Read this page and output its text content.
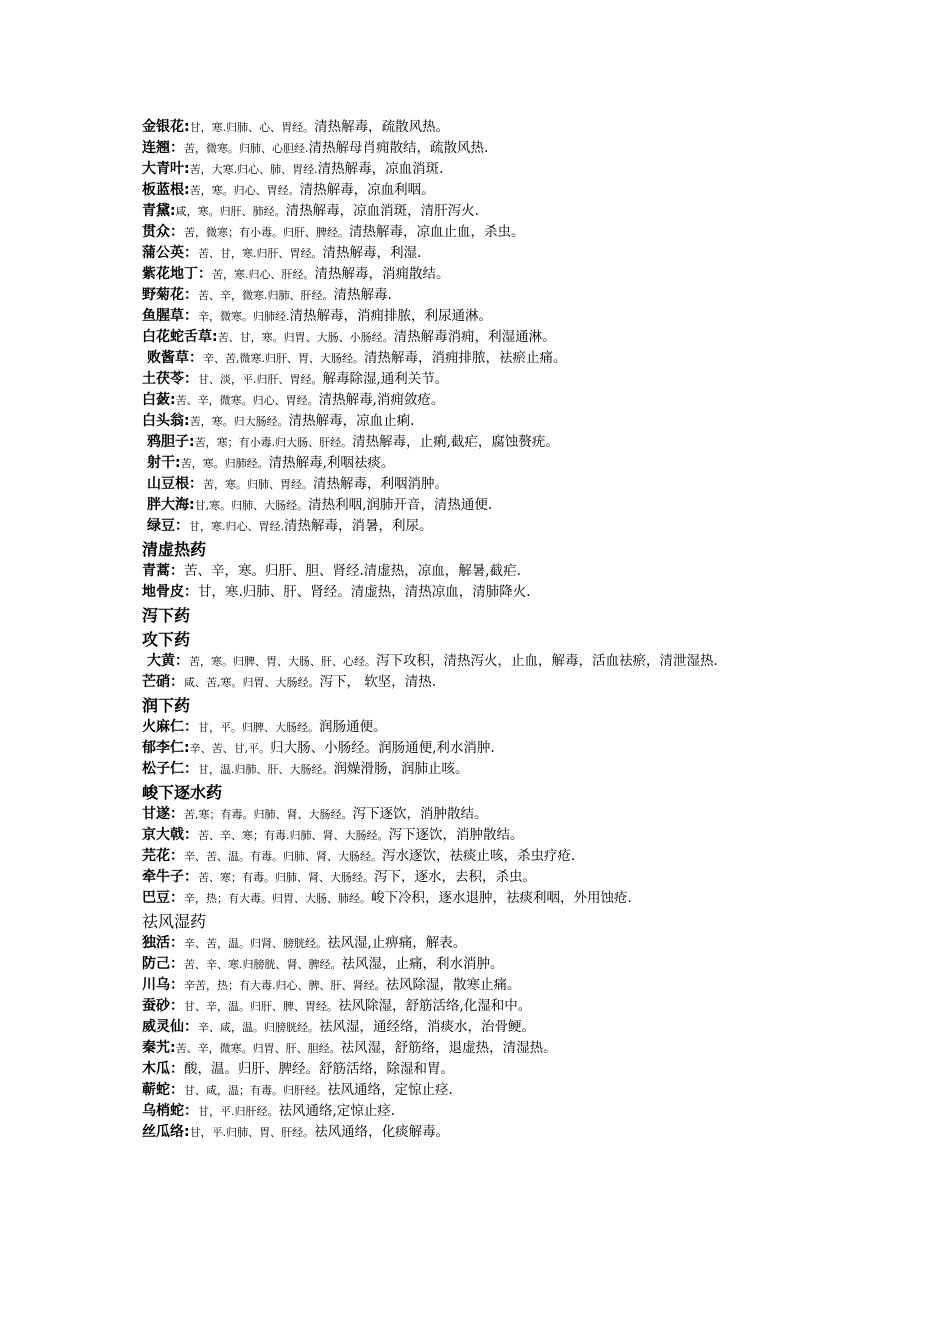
金银花:甘，寒.归肺、心、胃经。清热解毒，疏散风热。
连翘：苦，微寒。归肺、心胆经.清热解母肖痈散结，疏散风热.
大青叶:苦，大寒.归心、肺、胃经.清热解毒，凉血消斑.
板蓝根:苦，寒。归心、胃经。清热解毒，凉血利咽。
青黛:咸，寒。归肝、肺经。清热解毒，凉血消斑，清肝泻火.
贯众：苦，微寒；有小毒。归肝、脾经。清热解毒，凉血止血，杀虫。
蒲公英：苦、甘，寒.归肝、胃经。清热解毒，利湿.
紫花地丁：苦，寒.归心、肝经。清热解毒，消痈散结。
野菊花：苦、辛，微寒.归肺、肝经。清热解毒.
鱼腥草：辛，微寒。归肺经.清热解毒，消痈排脓，利尿通淋。
白花蛇舌草:苦、甘，寒。归胃、大肠、小肠经。清热解毒消痈，利湿通淋。
败酱草：辛、苦,微寒.归肝、胃、大肠经。清热解毒，消痈排脓，祛瘀止痛。
土茯苓：甘、淡，平.归肝、胃经。解毒除湿,通利关节。
白蔹:苦、辛，微寒。归心、胃经。清热解毒,消痈敛疮。
白头翁:苦，寒。归大肠经。清热解毒，凉血止痢.
鸦胆子:苦，寒；有小毒.归大肠、肝经。清热解毒，止痢,截疟，腐蚀赘疣。
射干:苦，寒。归肺经。清热解毒,利咽祛痰。
山豆根：苦，寒。归肺、胃经。清热解毒，利咽消肿。
胖大海:甘,寒。归肺、大肠经。清热利咽,润肺开音，清热通便.
绿豆：甘，寒.归心、胃经.清热解毒，消暑，利尿。
清虚热药
青蒿：苦、辛，寒。归肝、胆、肾经.清虚热，凉血，解暑,截疟.
地骨皮：甘，寒.归肺、肝、肾经。清虚热，清热凉血，清肺降火.
泻下药
攻下药
大黄：苦，寒。归脾、胃、大肠、肝、心经。泻下攻积，清热泻火，止血，解毒，活血祛瘀，清泄湿热.
芒硝：咸、苦,寒。归胃、大肠经。泻下， 软坚，清热.
润下药
火麻仁：甘，平。归脾、大肠经。润肠通便。
郁李仁:辛、苦、甘,平。归大肠、小肠经。润肠通便,利水消肿.
松子仁：甘，温.归肺、肝、大肠经。润燥滑肠，润肺止咳。
峻下逐水药
甘遂：苦,寒；有毒。归肺、肾、大肠经。泻下逐饮，消肿散结。
京大戟：苦、辛、寒；有毒.归肺、肾、大肠经。泻下逐饮，消肿散结。
芫花：辛、苦、温。有毒。归肺、肾、大肠经。泻水逐饮，祛痰止咳，杀虫疗疮.
牵牛子：苦、寒；有毒。归肺、肾、大肠经。泻下，逐水，去积，杀虫。
巴豆：辛，热；有大毒。归胃、大肠、肺经。峻下冷积，逐水退肿，祛痰利咽，外用蚀疮.
祛风湿药
独活：辛、苦，温。归肾、膀胱经。祛风湿,止痹痛，解表。
防己：苦、辛、寒.归膀胱、肾、脾经。祛风湿，止痛，利水消肿。
川乌：辛苦，热；有大毒.归心、脾、肝、肾经。祛风除湿，散寒止痛。
蚕砂：甘、辛，温。归肝、脾、胃经。祛风除湿，舒筋活络,化湿和中。
威灵仙：辛、咸，温。归膀胱经。祛风湿，通经络，消痰水，治骨鲠。
秦艽:苦、辛，微寒。归胃、肝、胆经。祛风湿，舒筋络，退虚热，清湿热。
木瓜：酸，温。归肝、脾经。舒筋活络，除湿和胃。
蕲蛇：甘、咸，温；有毒。归肝经。祛风通络，定惊止痉.
乌梢蛇：甘，平.归肝经。祛风通络,定惊止痉.
丝瓜络:甘，平.归肺、胃、肝经。祛风通络，化痰解毒。
